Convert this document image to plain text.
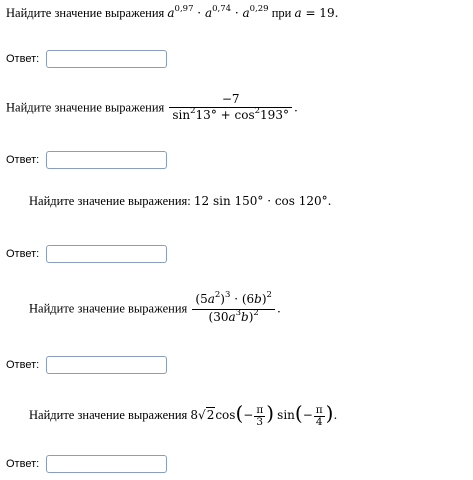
Найдите значение выражения $a^{0,97} \cdot a^{0,74} \cdot a^{0,29}$ при a = 19.
Ответ:
Найдите значение выражения $\frac{-7}{\sin^213^\circ + \cos^2193^\circ}$ .
Ответ:
Найдите значение выражения: 12 sin 150° · cos 120°.
Ответ:
Найдите значение выражения $\frac{(5a^2)^3 \cdot (6b)^2}{(30a^3b)^2}$ .
Ответ:
Найдите значение выражения $8√2\cos(- \frac{\pi}{3}$ ) $\sin(- \frac{\pi}{4}$ ).
Ответ:
